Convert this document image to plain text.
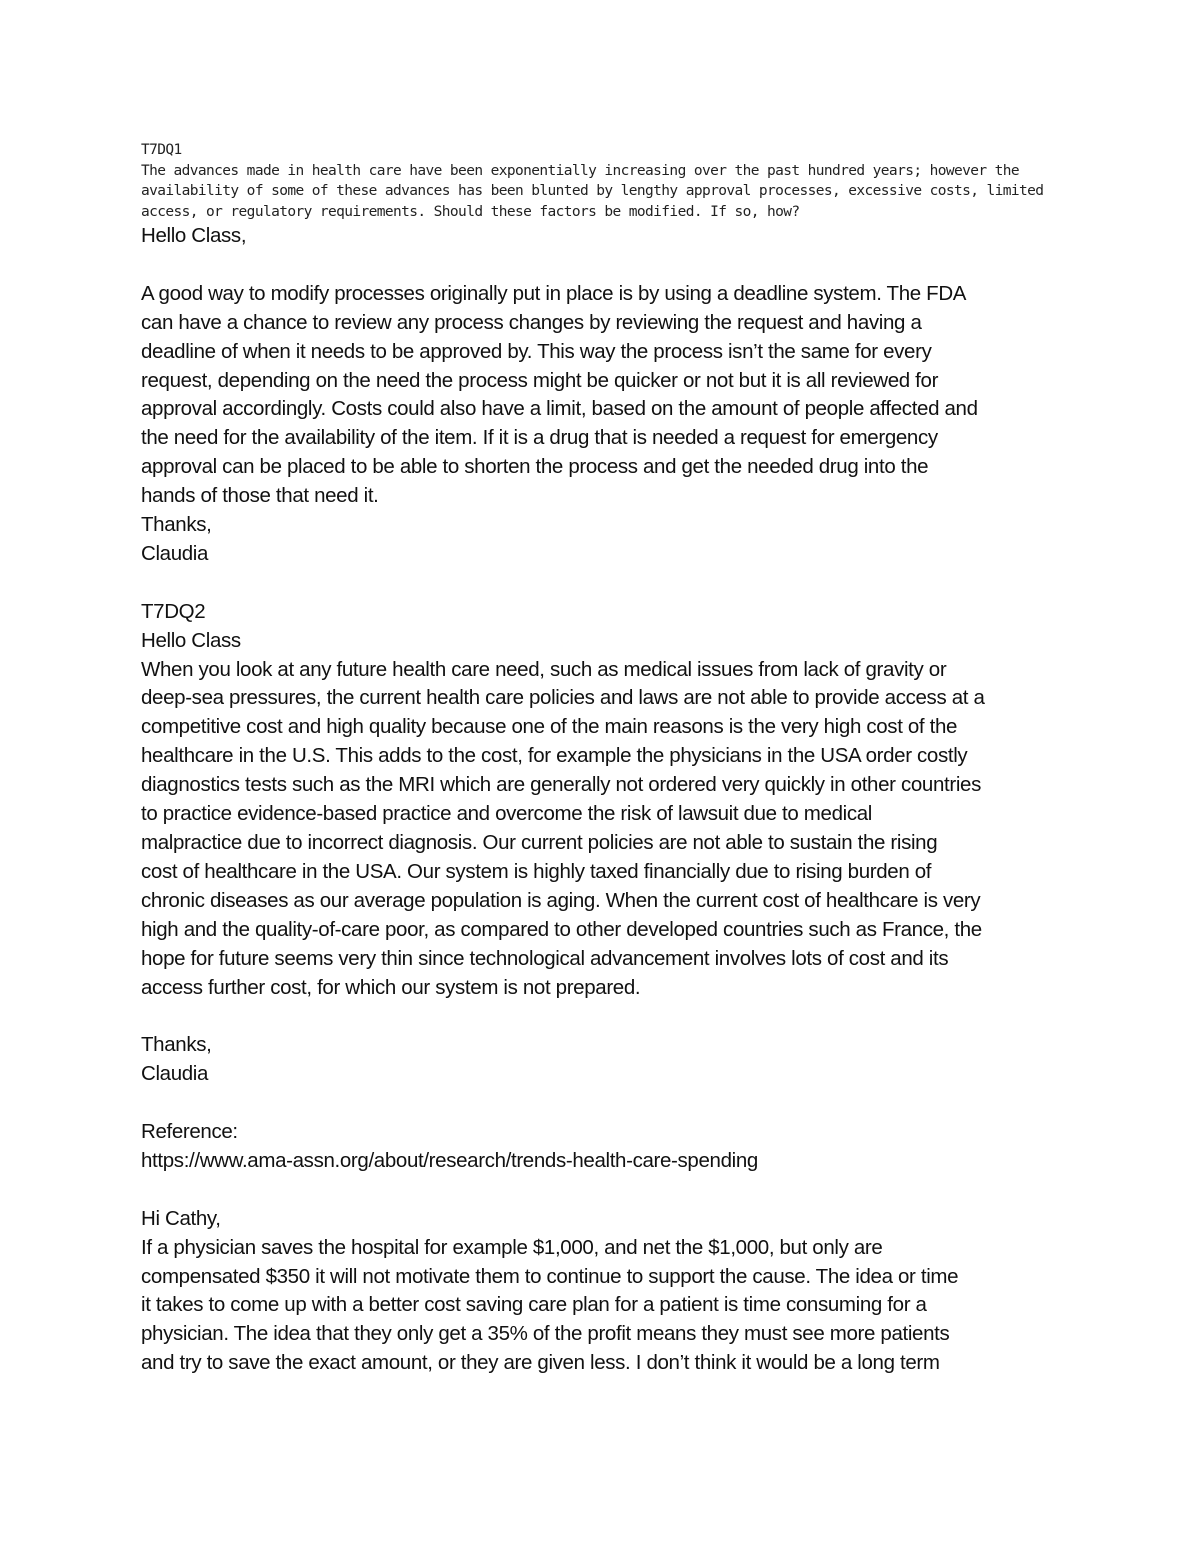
T7DQ1
The advances made in health care have been exponentially increasing over the past hundred years; however the
availability of some of these advances has been blunted by lengthy approval processes, excessive costs, limited
access, or regulatory requirements. Should these factors be modified. If so, how?
Hello Class,
A good way to modify processes originally put in place is by using a deadline system. The FDA
can have a chance to review any process changes by reviewing the request and having a
deadline of when it needs to be approved by. This way the process isn’t the same for every
request, depending on the need the process might be quicker or not but it is all reviewed for
approval accordingly. Costs could also have a limit, based on the amount of people affected and
the need for the availability of the item. If it is a drug that is needed a request for emergency
approval can be placed to be able to shorten the process and get the needed drug into the
hands of those that need it.
Thanks,
Claudia
T7DQ2
Hello Class
When you look at any future health care need, such as medical issues from lack of gravity or
deep-sea pressures, the current health care policies and laws are not able to provide access at a
competitive cost and high quality because one of the main reasons is the very high cost of the
healthcare in the U.S. This adds to the cost, for example the physicians in the USA order costly
diagnostics tests such as the MRI which are generally not ordered very quickly in other countries
to practice evidence-based practice and overcome the risk of lawsuit due to medical
malpractice due to incorrect diagnosis. Our current policies are not able to sustain the rising
cost of healthcare in the USA. Our system is highly taxed financially due to rising burden of
chronic diseases as our average population is aging. When the current cost of healthcare is very
high and the quality-of-care poor, as compared to other developed countries such as France, the
hope for future seems very thin since technological advancement involves lots of cost and its
access further cost, for which our system is not prepared.
Thanks,
Claudia
Reference:
https://www.ama-assn.org/about/research/trends-health-care-spending
Hi Cathy,
If a physician saves the hospital for example $1,000, and net the $1,000, but only are
compensated $350 it will not motivate them to continue to support the cause. The idea or time
it takes to come up with a better cost saving care plan for a patient is time consuming for a
physician. The idea that they only get a 35% of the profit means they must see more patients
and try to save the exact amount, or they are given less. I don’t think it would be a long term
